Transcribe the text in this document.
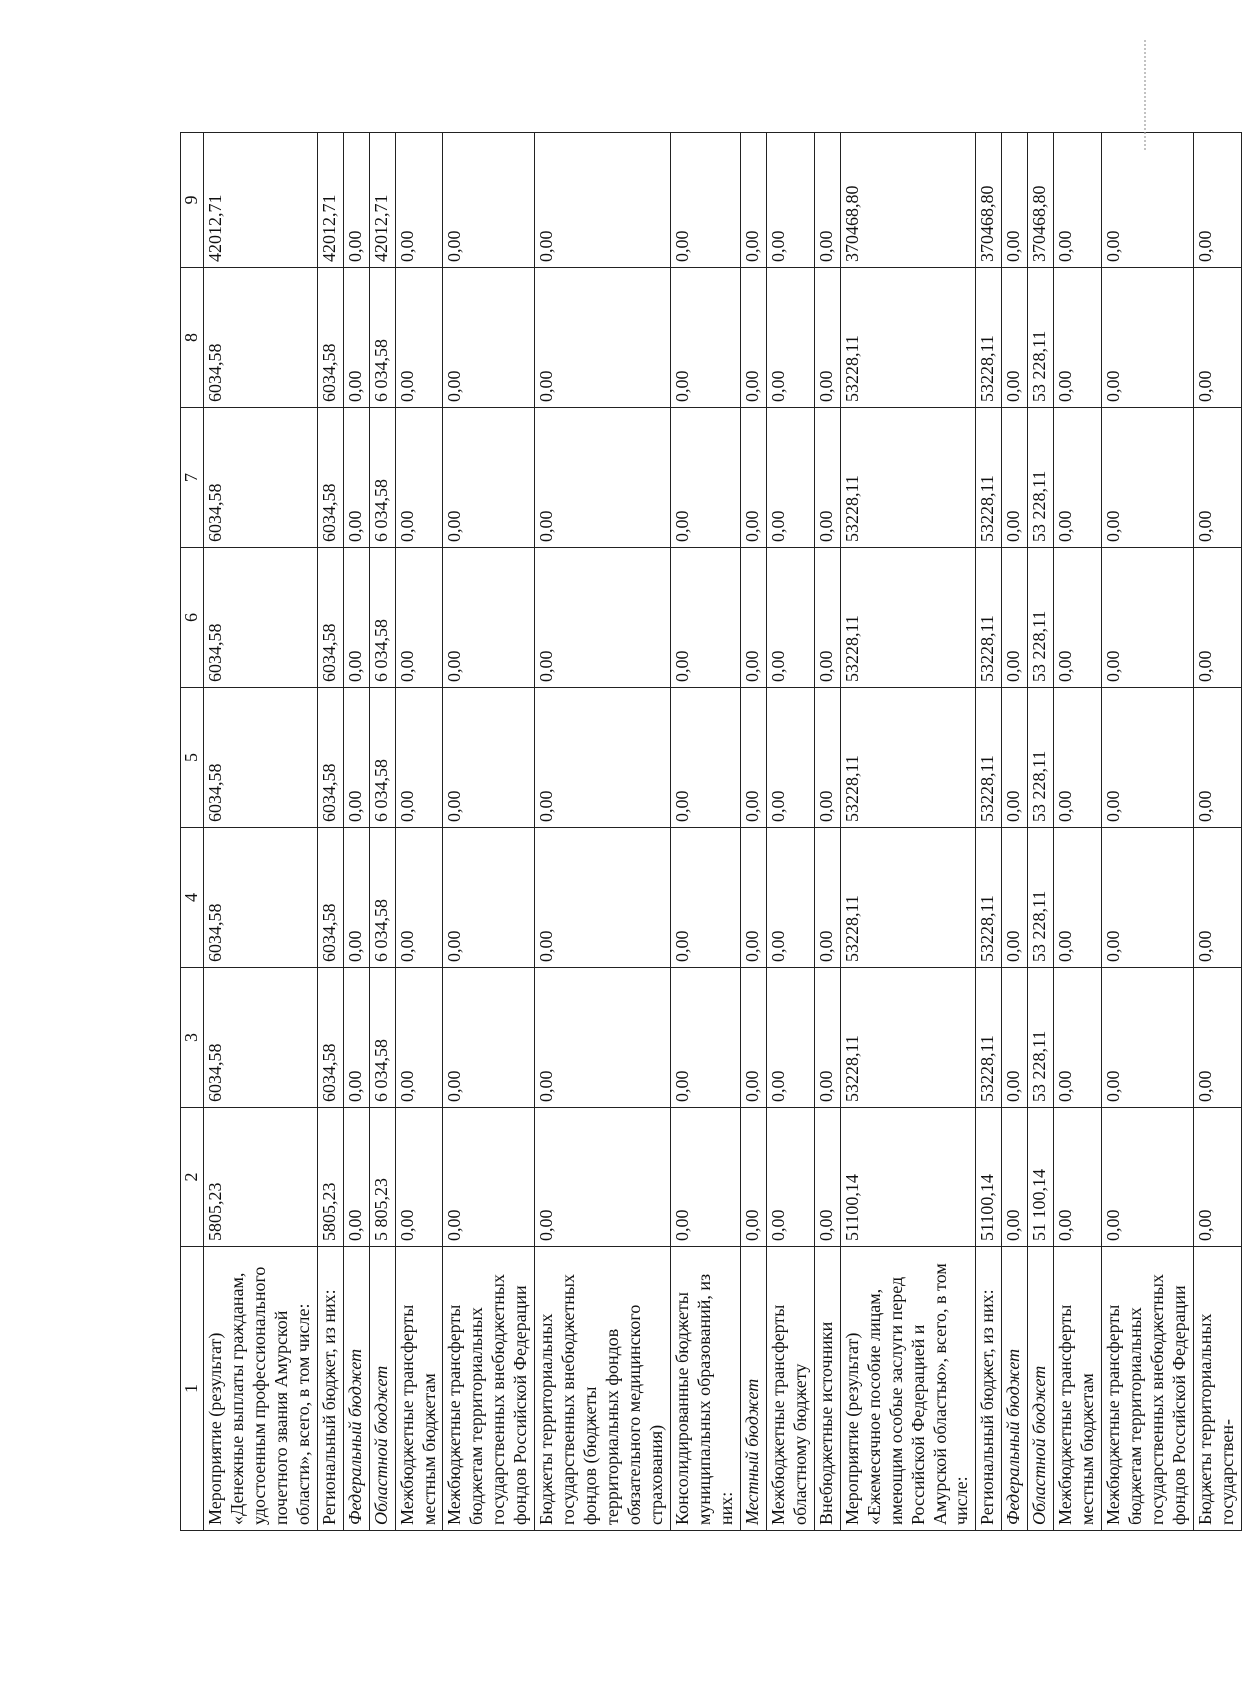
1	2	3	4	5	6	7	8	9
Мероприятие (результат) «Денежные выплаты гражданам, удостоенным профессионального почетного звания Амурской области», всего, в том числе:	5805,23	6034,58	6034,58	6034,58	6034,58	6034,58	6034,58	42012,71
Региональный бюджет, из них:	5805,23	6034,58	6034,58	6034,58	6034,58	6034,58	6034,58	42012,71
Федеральный бюджет	0,00	0,00	0,00	0,00	0,00	0,00	0,00	0,00
Областной бюджет	5 805,23	6 034,58	6 034,58	6 034,58	6 034,58	6 034,58	6 034,58	42012,71
Межбюджетные трансферты местным бюджетам	0,00	0,00	0,00	0,00	0,00	0,00	0,00	0,00
Межбюджетные трансферты бюджетам территориальных государственных внебюджетных фондов Российской Федерации	0,00	0,00	0,00	0,00	0,00	0,00	0,00	0,00
Бюджеты территориальных государственных внебюджетных фондов (бюджеты территориальных фондов обязательного медицинского страхования)	0,00	0,00	0,00	0,00	0,00	0,00	0,00	0,00
Консолидированные бюджеты муниципальных образований, из них:	0,00	0,00	0,00	0,00	0,00	0,00	0,00	0,00
Местный бюджет	0,00	0,00	0,00	0,00	0,00	0,00	0,00	0,00
Межбюджетные трансферты областному бюджету	0,00	0,00	0,00	0,00	0,00	0,00	0,00	0,00
Внебюджетные источники	0,00	0,00	0,00	0,00	0,00	0,00	0,00	0,00
Мероприятие (результат) «Ежемесячное пособие лицам, имеющим особые заслуги перед Российской Федерацией и Амурской областью», всего, в том числе:	51100,14	53228,11	53228,11	53228,11	53228,11	53228,11	53228,11	370468,80
Региональный бюджет, из них:	51100,14	53228,11	53228,11	53228,11	53228,11	53228,11	53228,11	370468,80
Федеральный бюджет	0,00	0,00	0,00	0,00	0,00	0,00	0,00	0,00
Областной бюджет	51 100,14	53 228,11	53 228,11	53 228,11	53 228,11	53 228,11	53 228,11	370468,80
Межбюджетные трансферты местным бюджетам	0,00	0,00	0,00	0,00	0,00	0,00	0,00	0,00
Межбюджетные трансферты бюджетам территориальных государственных внебюджетных фондов Российской Федерации	0,00	0,00	0,00	0,00	0,00	0,00	0,00	0,00
Бюджеты территориальных государствен-	0,00	0,00	0,00	0,00	0,00	0,00	0,00	0,00
